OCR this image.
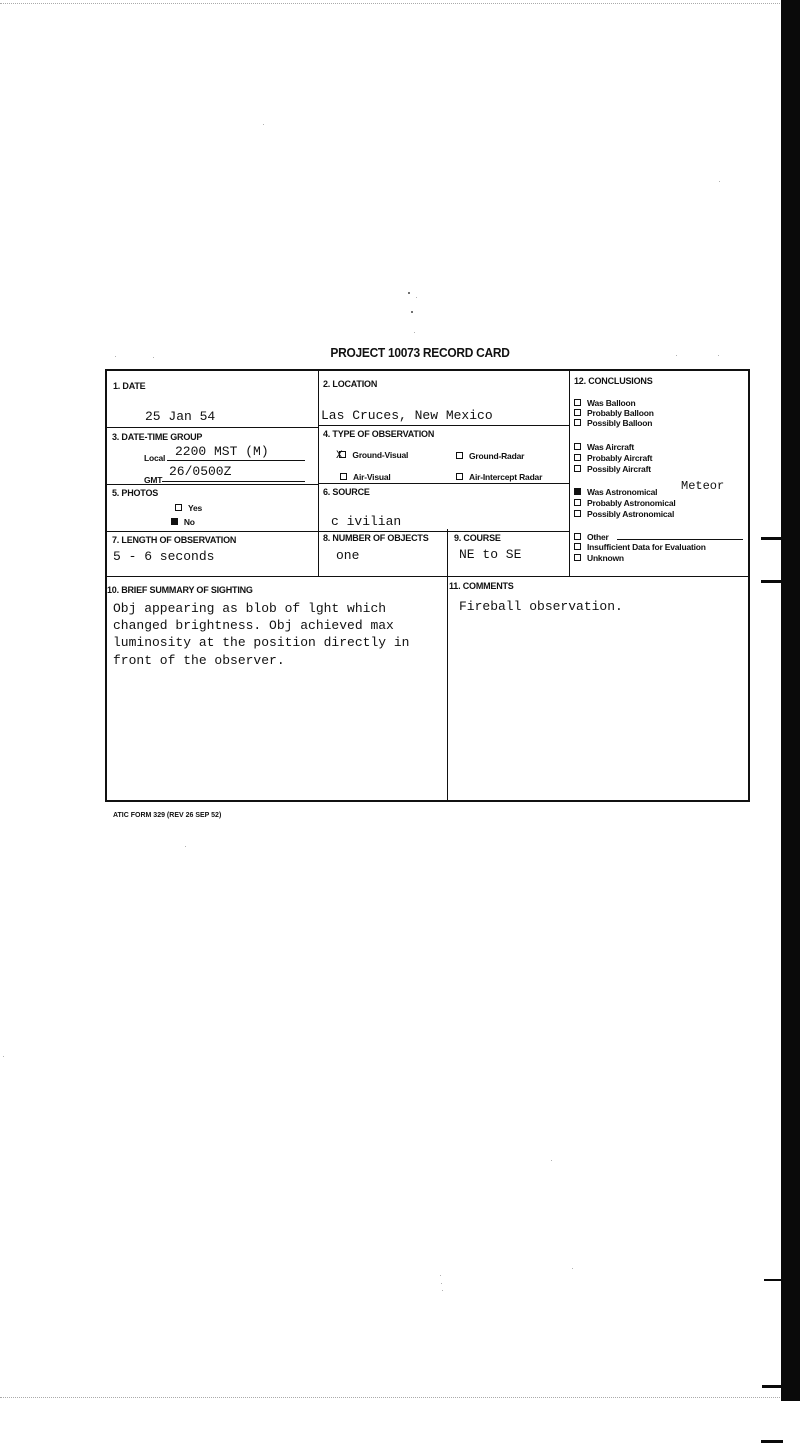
PROJECT 10073 RECORD CARD
1. DATE
25 Jan 54
2. LOCATION
Las Cruces, New Mexico
3. DATE-TIME GROUP
Local 2200 MST (M)
GMT
26/0500Z
4. TYPE OF OBSERVATION
X Ground-Visual	Ground-Radar
Air-Visual	Air-Intercept Radar
5. PHOTOS
Yes
No
6. SOURCE
c ivilian
7. LENGTH OF OBSERVATION
5 - 6 seconds
8. NUMBER OF OBJECTS
one
9. COURSE
NE to SE
10. BRIEF SUMMARY OF SIGHTING
Obj appearing as blob of lght which
changed brightness. Obj achieved max
luminosity at the position directly in
front of the observer.
11. COMMENTS
Fireball observation.
12. CONCLUSIONS
Was Balloon
Probably Balloon
Possibly Balloon
Was Aircraft
Probably Aircraft
Possibly Aircraft
Was Astronomical Meteor
Probably Astronomical
Possibly Astronomical
Other
Insufficient Data for Evaluation
Unknown
ATIC FORM 329 (REV 26 SEP 52)
